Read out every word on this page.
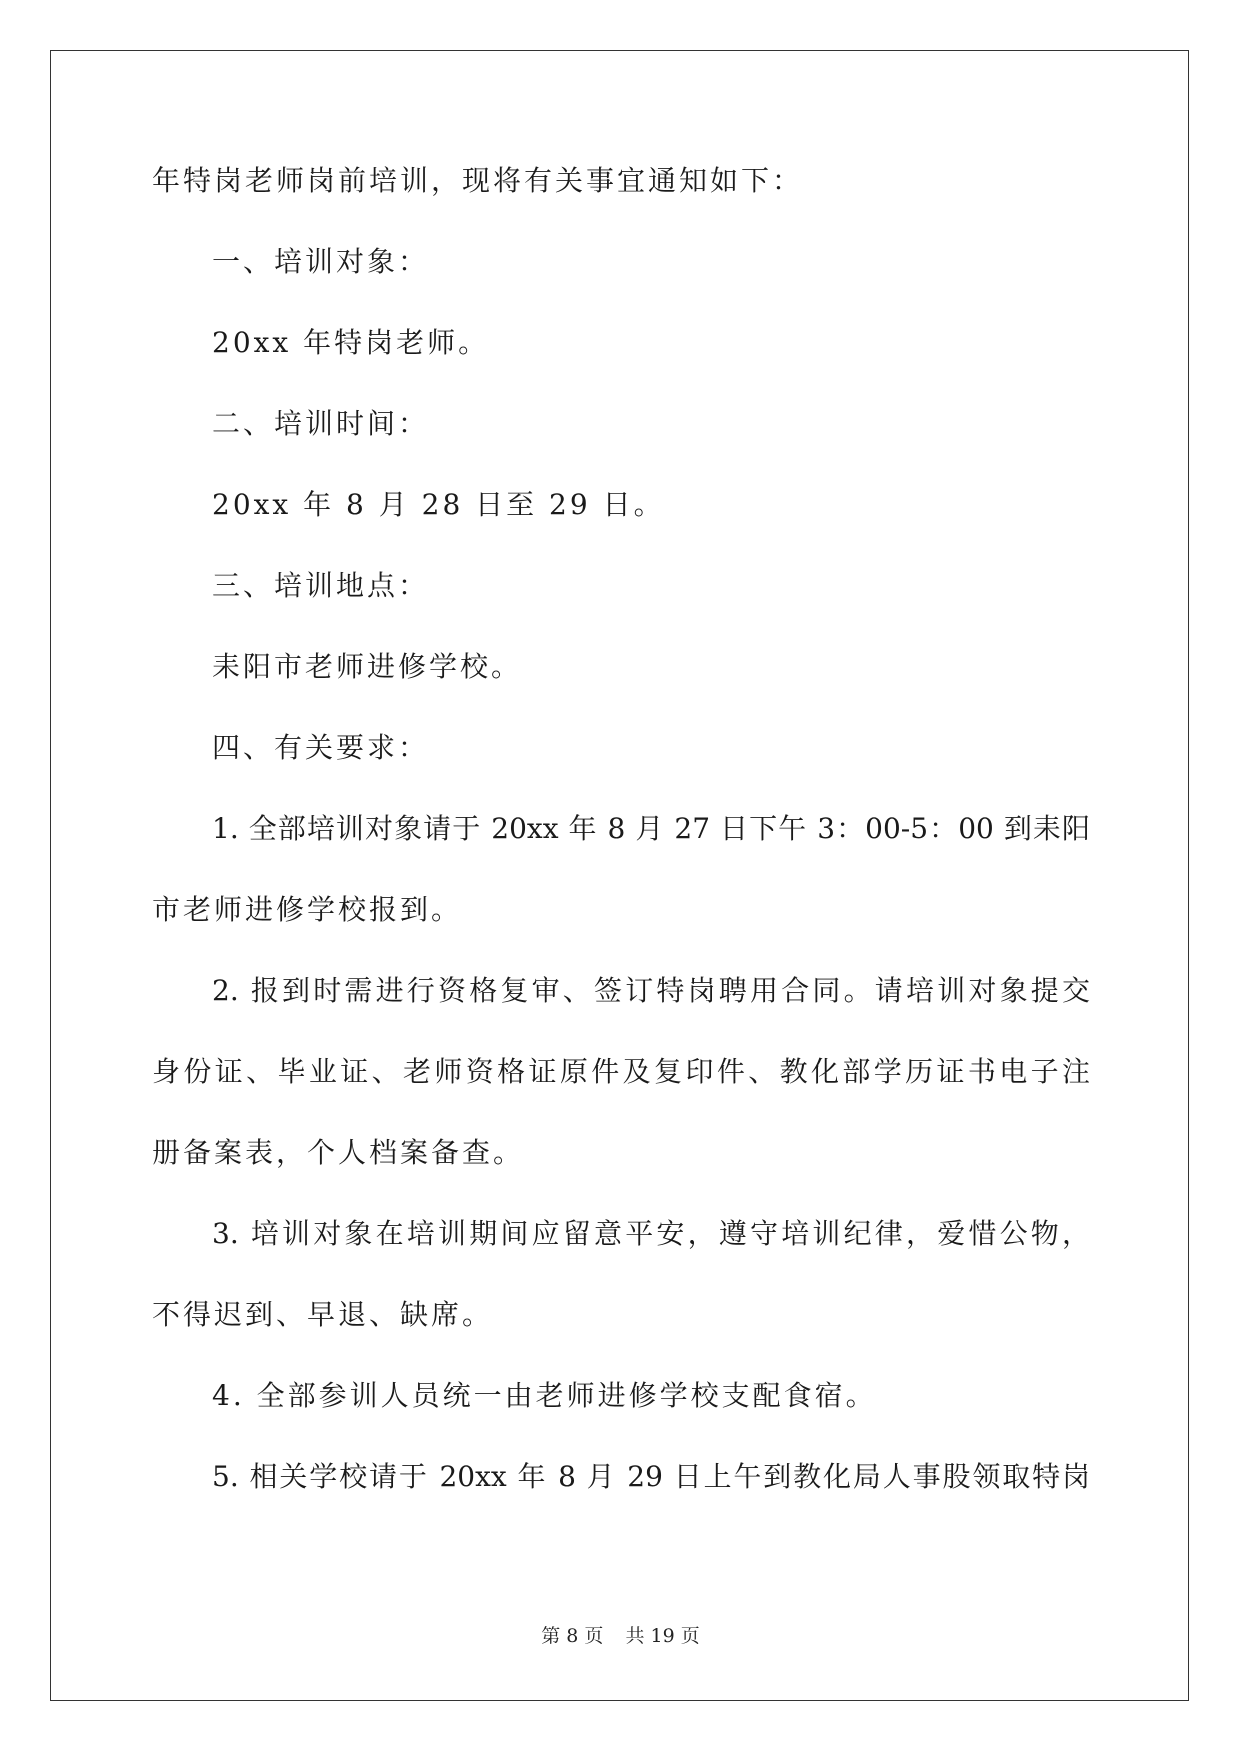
年特岗老师岗前培训，现将有关事宜通知如下：
一、培训对象：
20xx 年特岗老师。
二、培训时间：
20xx 年 8 月 28 日至 29 日。
三、培训地点：
耒阳市老师进修学校。
四、有关要求：
1. 全部培训对象请于 20xx 年 8 月 27 日下午 3：00-5：00 到耒阳
市老师进修学校报到。
2. 报到时需进行资格复审、签订特岗聘用合同。请培训对象提交
身份证、毕业证、老师资格证原件及复印件、教化部学历证书电子注
册备案表，个人档案备查。
3. 培训对象在培训期间应留意平安，遵守培训纪律，爱惜公物，
不得迟到、早退、缺席。
4. 全部参训人员统一由老师进修学校支配食宿。
5. 相关学校请于 20xx 年 8 月 29 日上午到教化局人事股领取特岗
第 8 页 共 19 页
